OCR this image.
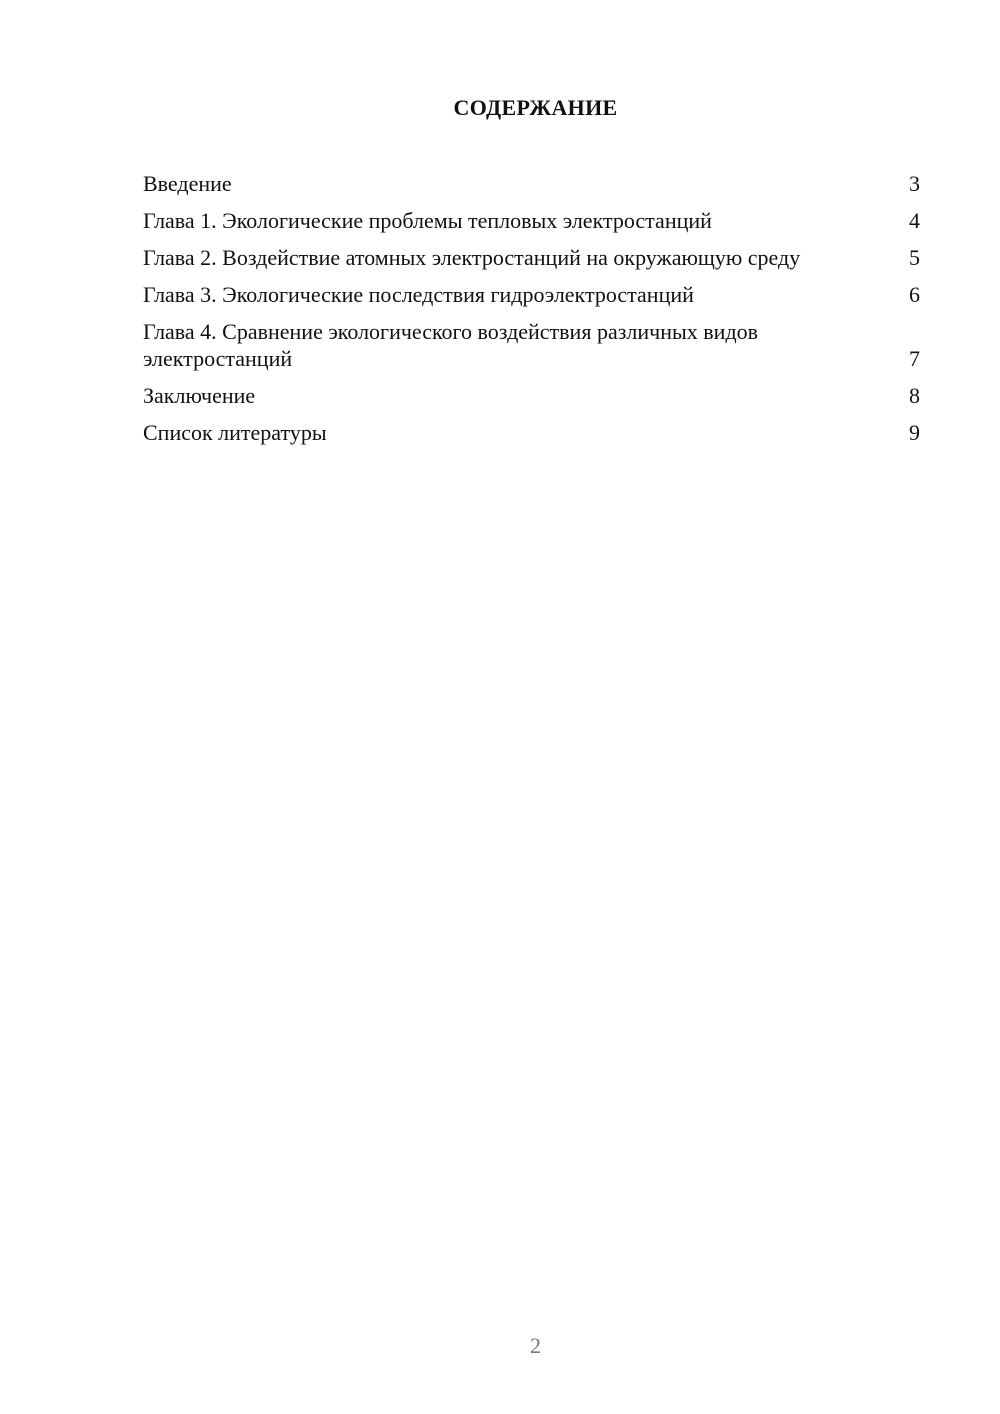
СОДЕРЖАНИЕ
Введение	3
Глава 1. Экологические проблемы тепловых электростанций	4
Глава 2. Воздействие атомных электростанций на окружающую среду	5
Глава 3. Экологические последствия гидроэлектростанций	6
Глава 4. Сравнение экологического воздействия различных видов электростанций	7
Заключение	8
Список литературы	9
2
